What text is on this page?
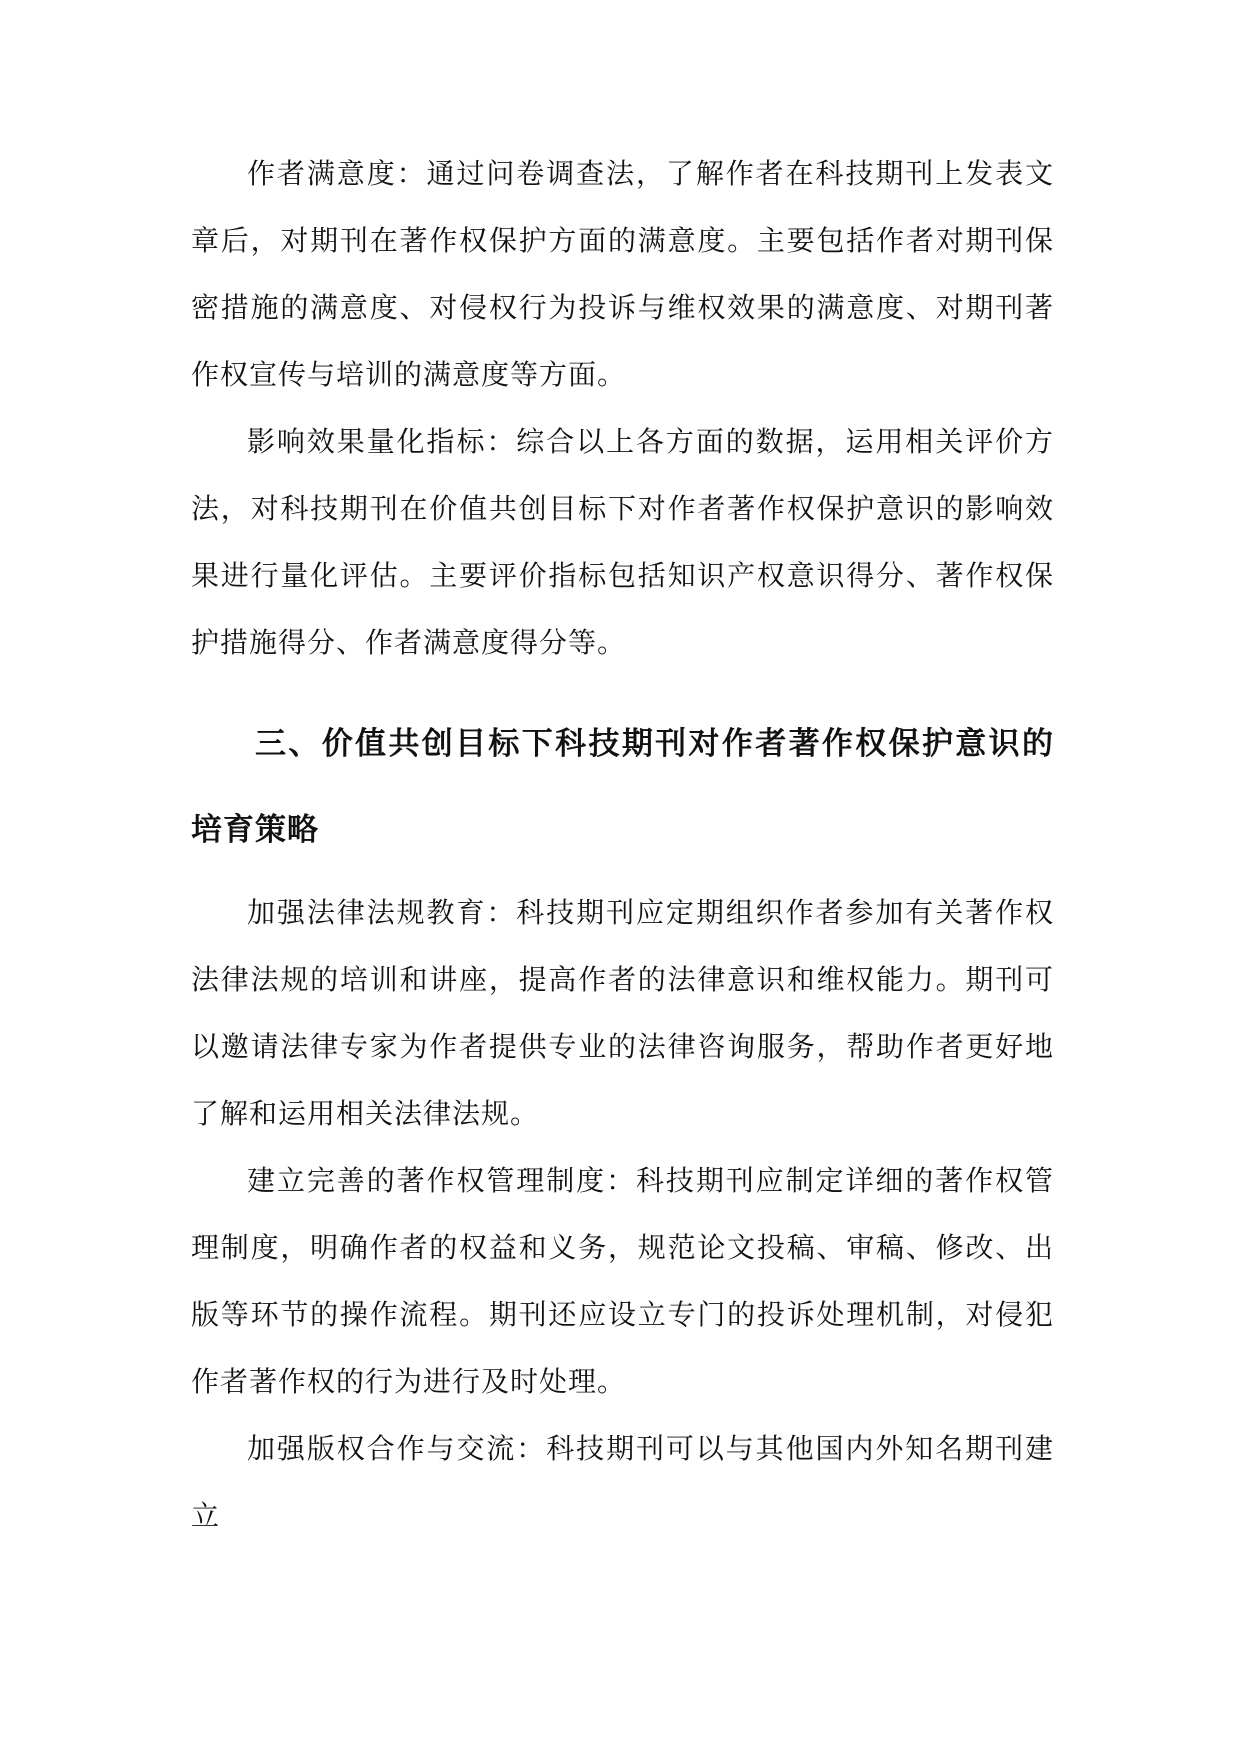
作者满意度：通过问卷调查法，了解作者在科技期刊上发表文章后，对期刊在著作权保护方面的满意度。主要包括作者对期刊保密措施的满意度、对侵权行为投诉与维权效果的满意度、对期刊著作权宣传与培训的满意度等方面。

影响效果量化指标：综合以上各方面的数据，运用相关评价方法，对科技期刊在价值共创目标下对作者著作权保护意识的影响效果进行量化评估。主要评价指标包括知识产权意识得分、著作权保护措施得分、作者满意度得分等。

三、价值共创目标下科技期刊对作者著作权保护意识的培育策略

加强法律法规教育：科技期刊应定期组织作者参加有关著作权法律法规的培训和讲座，提高作者的法律意识和维权能力。期刊可以邀请法律专家为作者提供专业的法律咨询服务，帮助作者更好地了解和运用相关法律法规。

建立完善的著作权管理制度：科技期刊应制定详细的著作权管理制度，明确作者的权益和义务，规范论文投稿、审稿、修改、出版等环节的操作流程。期刊还应设立专门的投诉处理机制，对侵犯作者著作权的行为进行及时处理。

加强版权合作与交流：科技期刊可以与其他国内外知名期刊建立
